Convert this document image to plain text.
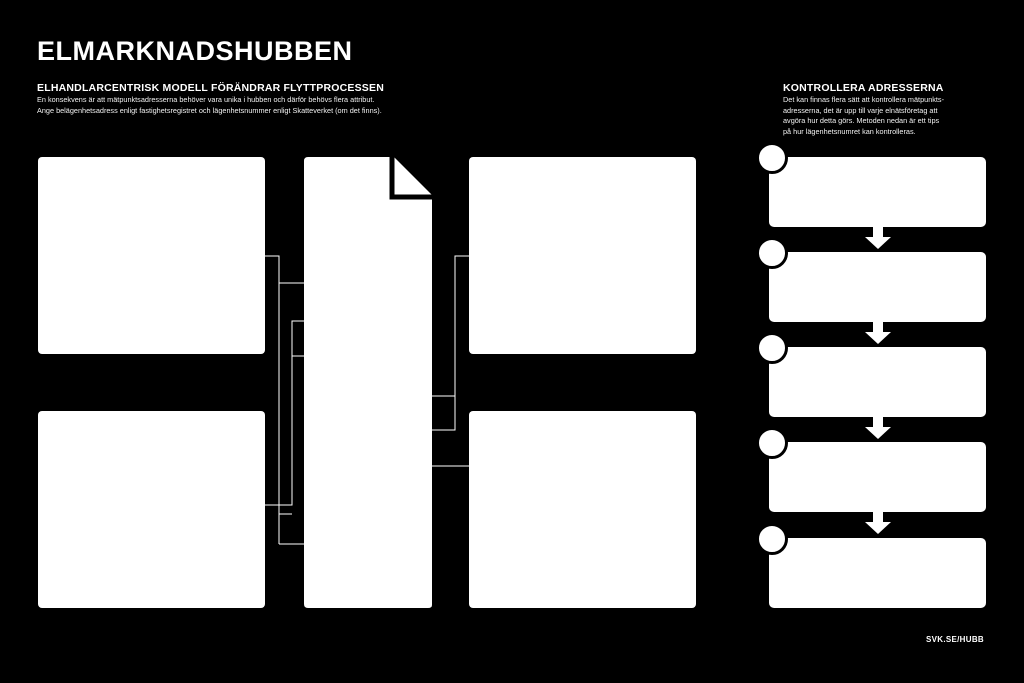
ELMARKNADSHUBBEN

ELHANDLARCENTRISK MODELL FÖRÄNDRAR FLYTTPROCESSEN

En konsekvens är att mätpunktsadresserna behöver vara unika i hubben och därför behövs flera attribut.

Ange belägenhetsadress enligt fastighetsregistret och lägenhetsnummer enligt Skatteverket (om det finns).

KONTROLLERA ADRESSERNA

Det kan finnas flera sätt att kontrollera mätpunkts-

adresserna, det är upp till varje elnätsföretag att

avgöra hur detta görs. Metoden nedan är ett tips

på hur lägenhetsnumret kan kontrolleras.

SVK.SE/HUBB
